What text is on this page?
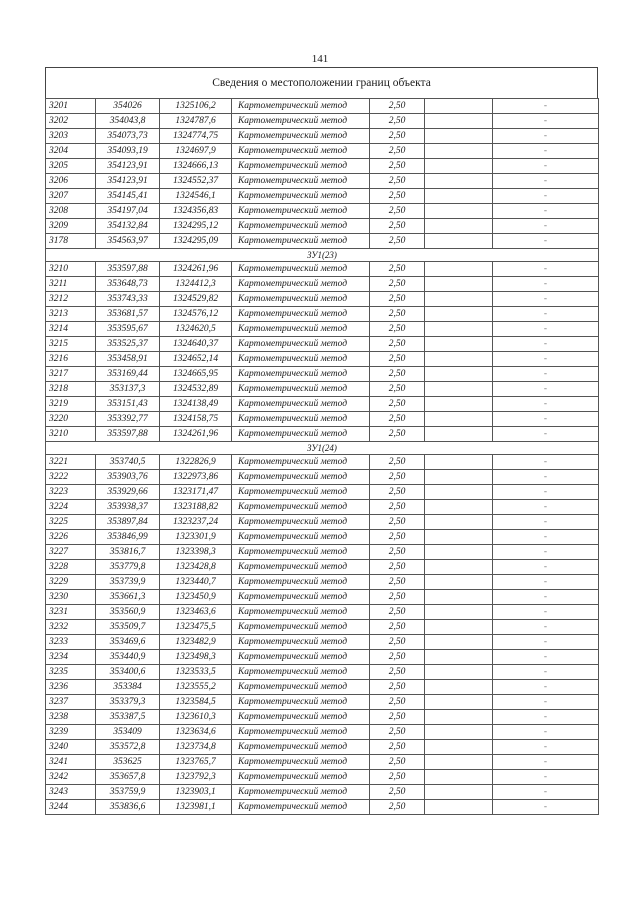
141
Сведения о местоположении границ объекта
3201	354026	1325106,2	Картометрический метод	2,50		-
3202	354043,8	1324787,6	Картометрический метод	2,50		-
3203	354073,73	1324774,75	Картометрический метод	2,50		-
3204	354093,19	1324697,9	Картометрический метод	2,50		-
3205	354123,91	1324666,13	Картометрический метод	2,50		-
3206	354123,91	1324552,37	Картометрический метод	2,50		-
3207	354145,41	1324546,1	Картометрический метод	2,50		-
3208	354197,04	1324356,83	Картометрический метод	2,50		-
3209	354132,84	1324295,12	Картометрический метод	2,50		-
3178	354563,97	1324295,09	Картометрический метод	2,50		-
ЗУ1(23)						
3210	353597,88	1324261,96	Картометрический метод	2,50		-
3211	353648,73	1324412,3	Картометрический метод	2,50		-
3212	353743,33	1324529,82	Картометрический метод	2,50		-
3213	353681,57	1324576,12	Картометрический метод	2,50		-
3214	353595,67	1324620,5	Картометрический метод	2,50		-
3215	353525,37	1324640,37	Картометрический метод	2,50		-
3216	353458,91	1324652,14	Картометрический метод	2,50		-
3217	353169,44	1324665,95	Картометрический метод	2,50		-
3218	353137,3	1324532,89	Картометрический метод	2,50		-
3219	353151,43	1324138,49	Картометрический метод	2,50		-
3220	353392,77	1324158,75	Картометрический метод	2,50		-
3210	353597,88	1324261,96	Картометрический метод	2,50		-
ЗУ1(24)						
3221	353740,5	1322826,9	Картометрический метод	2,50		-
3222	353903,76	1322973,86	Картометрический метод	2,50		-
3223	353929,66	1323171,47	Картометрический метод	2,50		-
3224	353938,37	1323188,82	Картометрический метод	2,50		-
3225	353897,84	1323237,24	Картометрический метод	2,50		-
3226	353846,99	1323301,9	Картометрический метод	2,50		-
3227	353816,7	1323398,3	Картометрический метод	2,50		-
3228	353779,8	1323428,8	Картометрический метод	2,50		-
3229	353739,9	1323440,7	Картометрический метод	2,50		-
3230	353661,3	1323450,9	Картометрический метод	2,50		-
3231	353560,9	1323463,6	Картометрический метод	2,50		-
3232	353509,7	1323475,5	Картометрический метод	2,50		-
3233	353469,6	1323482,9	Картометрический метод	2,50		-
3234	353440,9	1323498,3	Картометрический метод	2,50		-
3235	353400,6	1323533,5	Картометрический метод	2,50		-
3236	353384	1323555,2	Картометрический метод	2,50		-
3237	353379,3	1323584,5	Картометрический метод	2,50		-
3238	353387,5	1323610,3	Картометрический метод	2,50		-
3239	353409	1323634,6	Картометрический метод	2,50		-
3240	353572,8	1323734,8	Картометрический метод	2,50		-
3241	353625	1323765,7	Картометрический метод	2,50		-
3242	353657,8	1323792,3	Картометрический метод	2,50		-
3243	353759,9	1323903,1	Картометрический метод	2,50		-
3244	353836,6	1323981,1	Картометрический метод	2,50		-
